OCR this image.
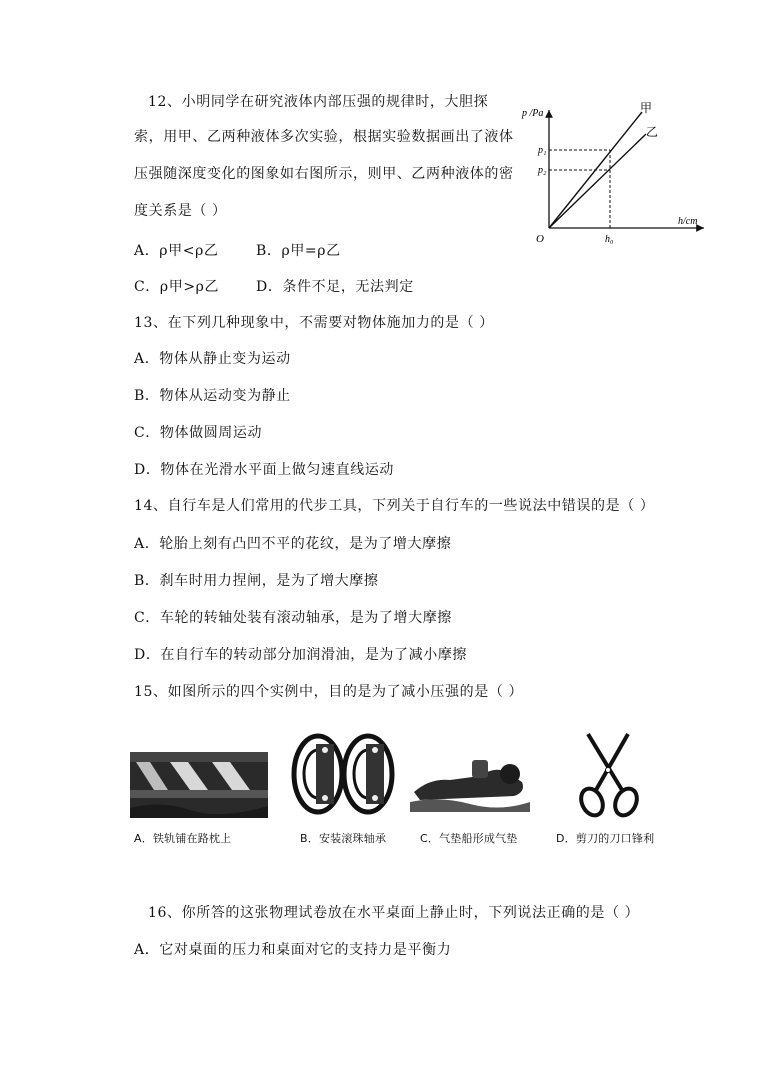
12、小明同学在研究液体内部压强的规律时，大胆探
索，用甲、乙两种液体多次实验，根据实验数据画出了液体
压强随深度变化的图象如右图所示，则甲、乙两种液体的密
度关系是（ ）
A．ρ甲<ρ乙	B．ρ甲=ρ乙
C．ρ甲>ρ乙	D．条件不足，无法判定
p /Pa
h/cm
O
p₁
p₂
h₀
甲
乙
13、在下列几种现象中，不需要对物体施加力的是（ ）
A．物体从静止变为运动
B．物体从运动变为静止
C．物体做圆周运动
D．物体在光滑水平面上做匀速直线运动
14、自行车是人们常用的代步工具，下列关于自行车的一些说法中错误的是（ ）
A．轮胎上刻有凸凹不平的花纹，是为了增大摩擦
B．刹车时用力捏闸，是为了增大摩擦
C．车轮的转轴处装有滚动轴承，是为了增大摩擦
D．在自行车的转动部分加润滑油，是为了减小摩擦
15、如图所示的四个实例中，目的是为了减小压强的是（ ）
A．铁轨铺在路枕上	B．安装滚珠轴承	C．气垫船形成气垫	D．剪刀的刀口锋利
16、你所答的这张物理试卷放在水平桌面上静止时，下列说法正确的是（ ）
A．它对桌面的压力和桌面对它的支持力是平衡力
